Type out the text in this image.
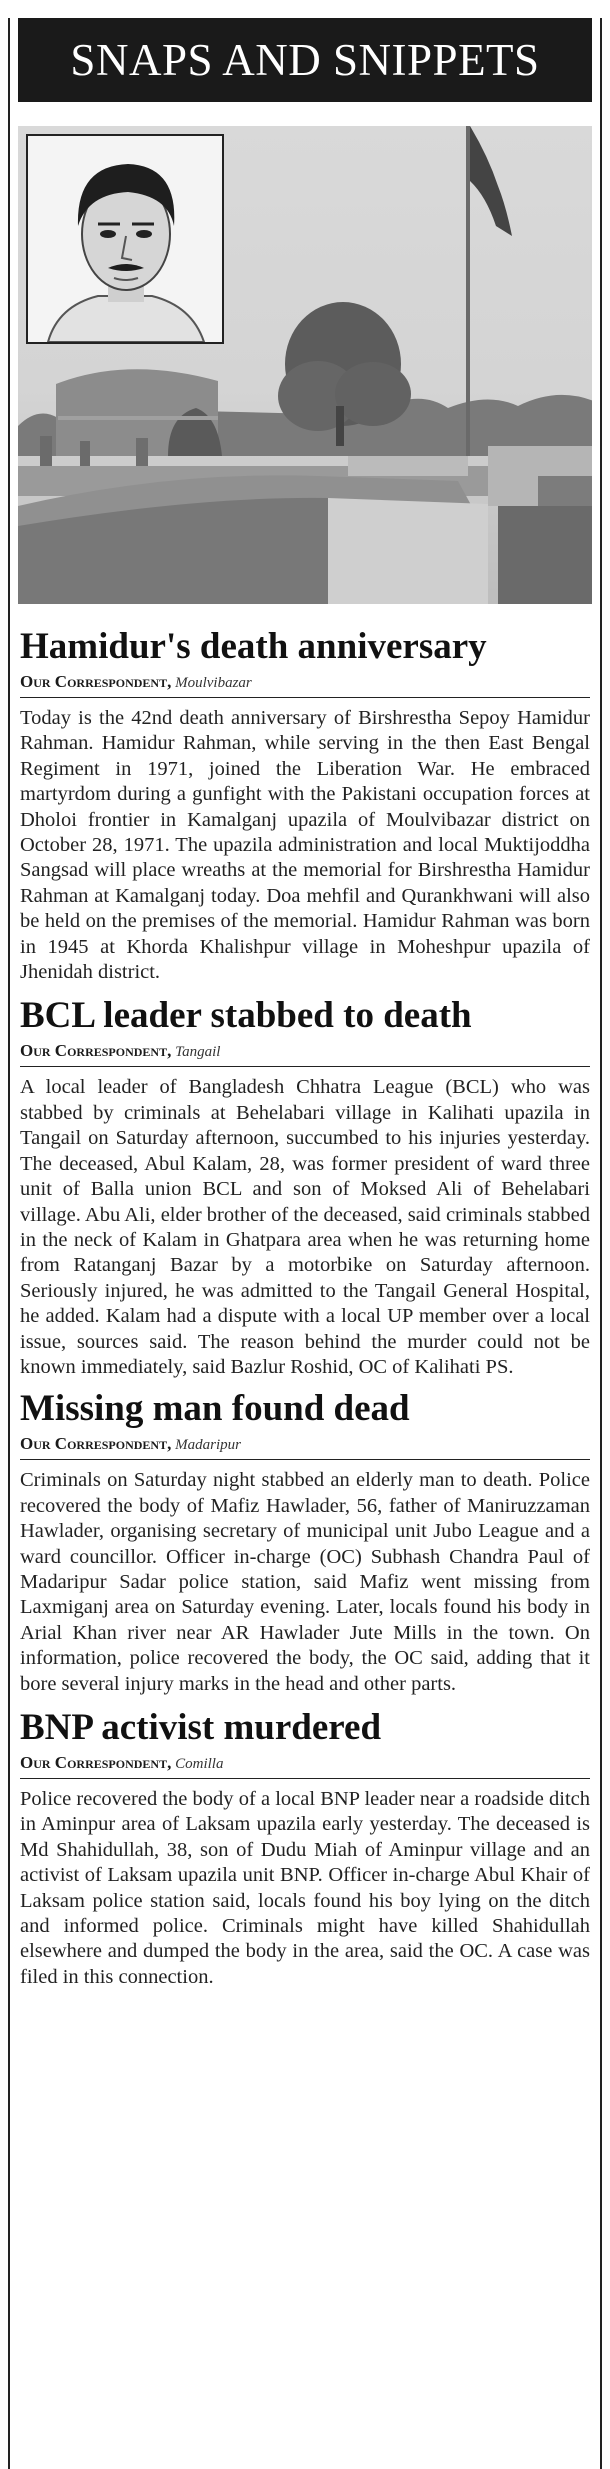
SNAPS AND SNIPPETS
Hamidur's death anniversary
Our Correspondent, Moulvibazar

Today is the 42nd death anniversary of Birshrestha Sepoy Hamidur Rahman. Hamidur Rahman, while serving in the then East Bengal Regiment in 1971, joined the Liberation War. He embraced martyrdom during a gunfight with the Pakistani occupation forces at Dholoi frontier in Kamalganj upazila of Moulvibazar district on October 28, 1971. The upazila administration and local Muktijoddha Sangsad will place wreaths at the memorial for Birshrestha Hamidur Rahman at Kamalganj today. Doa mehfil and Qurankhwani will also be held on the premises of the memorial. Hamidur Rahman was born in 1945 at Khorda Khalishpur village in Moheshpur upazila of Jhenidah district.

BCL leader stabbed to death
Our Correspondent, Tangail

A local leader of Bangladesh Chhatra League (BCL) who was stabbed by criminals at Behelabari village in Kalihati upazila in Tangail on Saturday afternoon, succumbed to his injuries yesterday. The deceased, Abul Kalam, 28, was former president of ward three unit of Balla union BCL and son of Moksed Ali of Behelabari village. Abu Ali, elder brother of the deceased, said criminals stabbed in the neck of Kalam in Ghatpara area when he was returning home from Ratanganj Bazar by a motorbike on Saturday afternoon. Seriously injured, he was admitted to the Tangail General Hospital, he added. Kalam had a dispute with a local UP member over a local issue, sources said. The reason behind the murder could not be known immediately, said Bazlur Roshid, OC of Kalihati PS.

Missing man found dead
Our Correspondent, Madaripur

Criminals on Saturday night stabbed an elderly man to death. Police recovered the body of Mafiz Hawlader, 56, father of Maniruzzaman Hawlader, organising secretary of municipal unit Jubo League and a ward councillor. Officer in-charge (OC) Subhash Chandra Paul of Madaripur Sadar police station, said Mafiz went missing from Laxmiganj area on Saturday evening. Later, locals found his body in Arial Khan river near AR Hawlader Jute Mills in the town. On information, police recovered the body, the OC said, adding that it bore several injury marks in the head and other parts.

BNP activist murdered
Our Correspondent, Comilla

Police recovered the body of a local BNP leader near a roadside ditch in Aminpur area of Laksam upazila early yesterday. The deceased is Md Shahidullah, 38, son of Dudu Miah of Aminpur village and an activist of Laksam upazila unit BNP. Officer in-charge Abul Khair of Laksam police station said, locals found his boy lying on the ditch and informed police. Criminals might have killed Shahidullah elsewhere and dumped the body in the area, said the OC. A case was filed in this connection.
